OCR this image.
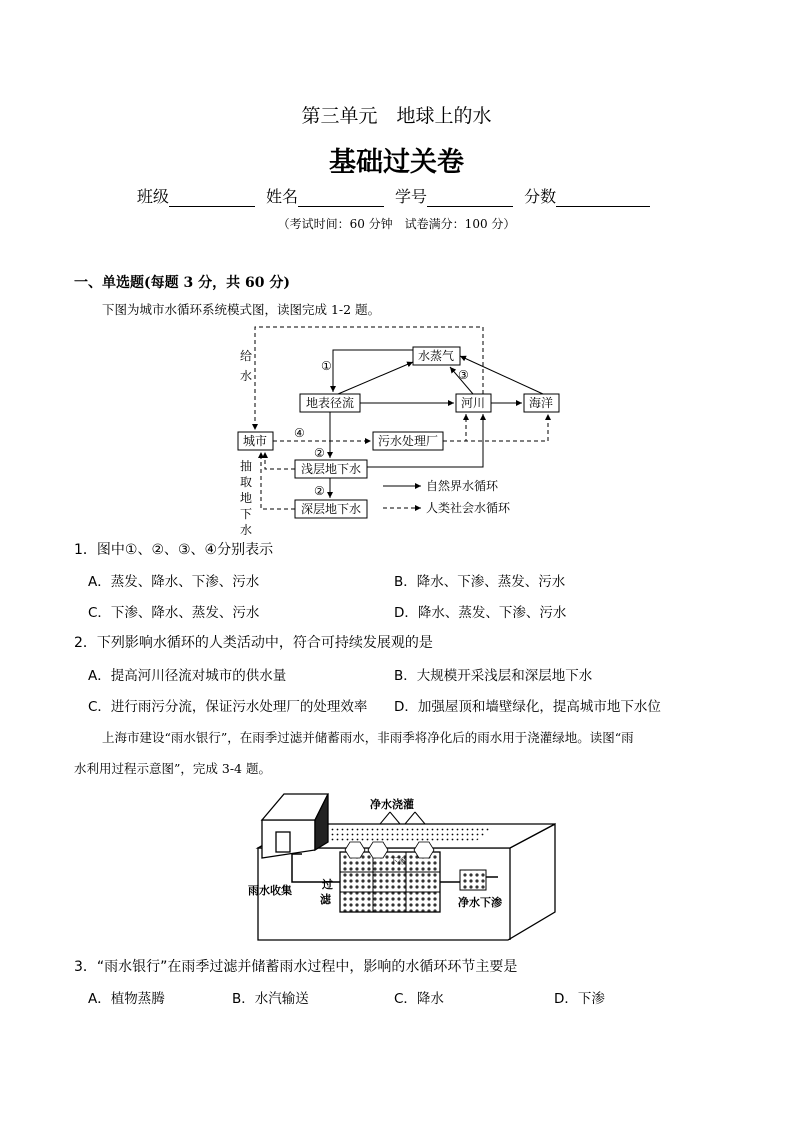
第三单元　地球上的水
基础过关卷
班级	姓名	学号	分数
（考试时间：60 分钟　试卷满分：100 分）
一、单选题(每题 3 分，共 60 分)
下图为城市水循环系统模式图，读图完成 1-2 题。
水蒸气
地表径流	河川	海洋
城市	污水处理厂
浅层地下水
深层地下水
①
②
③
④
②	自然界水循环
人类社会水循环
给
水
抽
取
地
下
水
1．图中①、②、③、④分别表示
A．蒸发、降水、下渗、污水	B．降水、下渗、蒸发、污水
C．下渗、降水、蒸发、污水	D．降水、蒸发、下渗、污水
2．下列影响水循环的人类活动中，符合可持续发展观的是
A．提高河川径流对城市的供水量	B．大规模开采浅层和深层地下水
C．进行雨污分流，保证污水处理厂的处理效率 D．加强屋顶和墙壁绿化，提高城市地下水位
上海市建设“雨水银行”，在雨季过滤并储蓄雨水，非雨季将净化后的雨水用于浇灌绿地。读图“雨
水利用过程示意图”，完成 3-4 题。
净水浇灌
雨水收集	过
滤	净水下渗
下渗
3．“雨水银行”在雨季过滤并储蓄雨水过程中，影响的水循环环节主要是
A．植物蒸腾	B．水汽输送	C．降水	D．下渗
